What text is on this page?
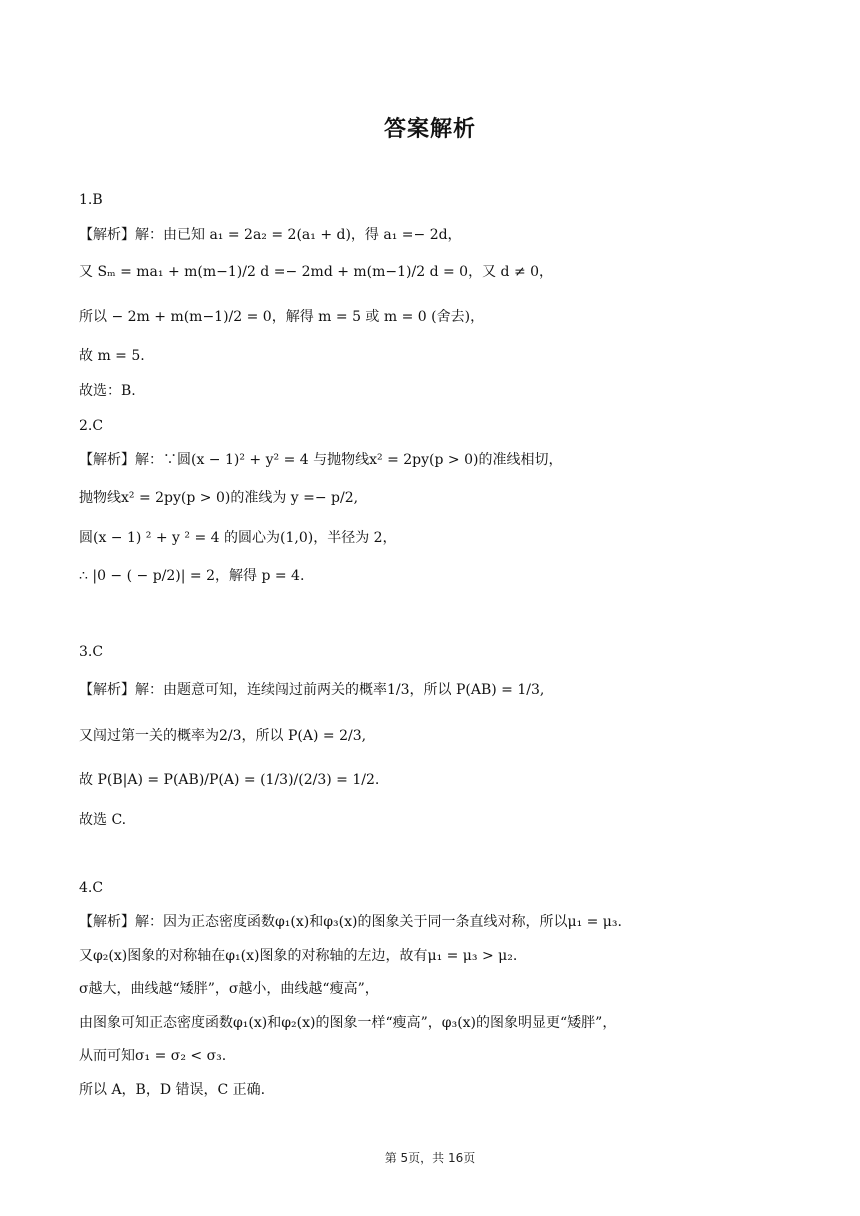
答案解析
1.B
【解析】解：由已知 a₁ = 2a₂ = 2(a₁ + d)，得 a₁ =− 2d，
又 Sₘ = ma₁ + m(m−1)/2 d =− 2md + m(m−1)/2 d = 0，又 d ≠ 0，
所以 − 2m + m(m−1)/2 = 0，解得 m = 5 或 m = 0 (舍去)，
故 m = 5.
故选：B.
2.C
【解析】解：∵圆(x − 1)² + y² = 4 与抛物线x² = 2py(p > 0)的准线相切，
抛物线x² = 2py(p > 0)的准线为 y =− p/2,
圆(x − 1) ² + y ² = 4 的圆心为(1,0)，半径为 2，
∴ |0 − ( − p/2)| = 2，解得 p = 4.
3.C
【解析】解：由题意可知，连续闯过前两关的概率1/3，所以 P(AB) = 1/3,
又闯过第一关的概率为2/3，所以 P(A) = 2/3,
故 P(B|A) = P(AB)/P(A) = (1/3)/(2/3) = 1/2.
故选 C.
4.C
【解析】解：因为正态密度函数φ₁(x)和φ₃(x)的图象关于同一条直线对称，所以μ₁ = μ₃.
又φ₂(x)图象的对称轴在φ₁(x)图象的对称轴的左边，故有μ₁ = μ₃ > μ₂.
σ越大，曲线越“矮胖”，σ越小，曲线越“瘦高”，
由图象可知正态密度函数φ₁(x)和φ₂(x)的图象一样“瘦高”，φ₃(x)的图象明显更“矮胖”，
从而可知σ₁ = σ₂ < σ₃.
所以 A，B，D 错误，C 正确.
第 5页，共 16页
